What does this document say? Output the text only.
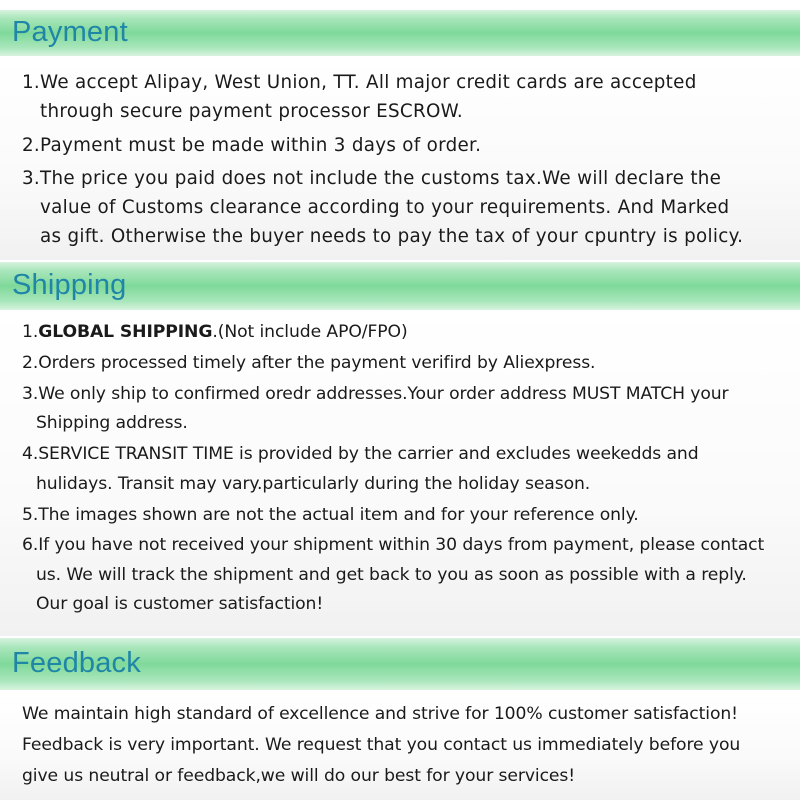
Payment
1.We accept Alipay, West Union, TT. All major credit cards are accepted
through secure payment processor ESCROW.
2.Payment must be made within 3 days of order.
3.The price you paid does not include the customs tax.We will declare the
value of Customs clearance according to your requirements. And Marked
as gift. Otherwise the buyer needs to pay the tax of your cpuntry is policy.
Shipping
1.GLOBAL SHIPPING.(Not include APO/FPO)
2.Orders processed timely after the payment verifird by Aliexpress.
3.We only ship to confirmed oredr addresses.Your order address MUST MATCH your
Shipping address.
4.SERVICE TRANSIT TIME is provided by the carrier and excludes weekedds and
hulidays. Transit may vary.particularly during the holiday season.
5.The images shown are not the actual item and for your reference only.
6.If you have not received your shipment within 30 days from payment, please contact
us. We will track the shipment and get back to you as soon as possible with a reply.
Our goal is customer satisfaction!
Feedback
We maintain high standard of excellence and strive for 100% customer satisfaction!
Feedback is very important. We request that you contact us immediately before you
give us neutral or feedback,we will do our best for your services!
